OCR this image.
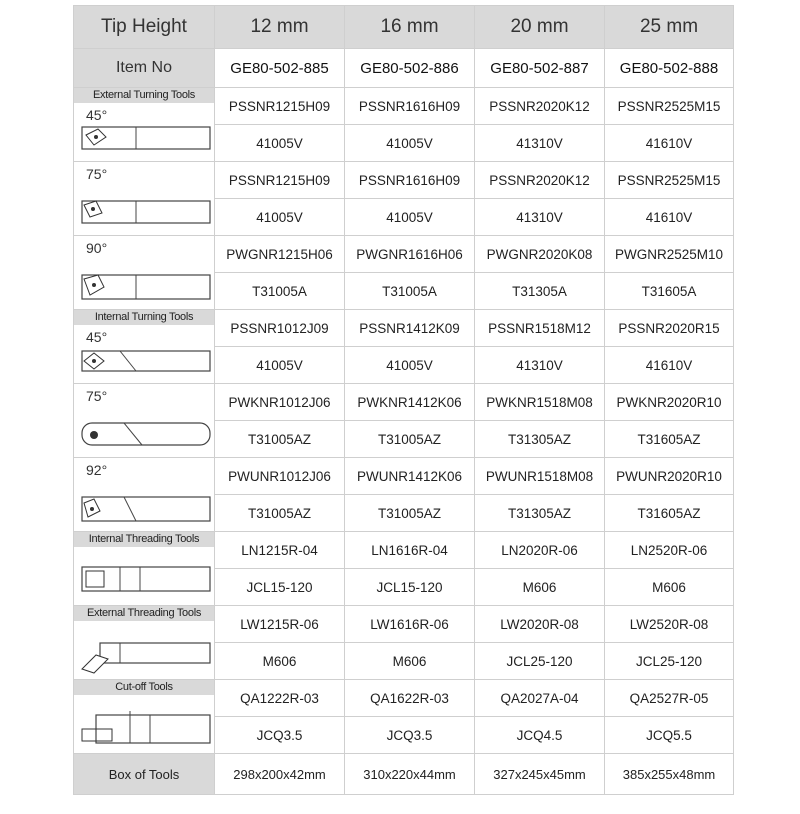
Tip Height	12 mm	16 mm	20 mm	25 mm
Item No	GE80-502-885	GE80-502-886	GE80-502-887	GE80-502-888

External Turning Tools
45°	PSSNR1215H09	PSSNR1616H09	PSSNR2020K12	PSSNR2525M15
	41005V	41005V	41310V	41610V

75°	PSSNR1215H09	PSSNR1616H09	PSSNR2020K12	PSSNR2525M15
	41005V	41005V	41310V	41610V

90°	PWGNR1215H06	PWGNR1616H06	PWGNR2020K08	PWGNR2525M10
	T31005A	T31005A	T31305A	T31605A

Internal Turning Tools
45°	PSSNR1012J09	PSSNR1412K09	PSSNR1518M12	PSSNR2020R15
	41005V	41005V	41310V	41610V

75°	PWKNR1012J06	PWKNR1412K06	PWKNR1518M08	PWKNR2020R10
	T31005AZ	T31005AZ	T31305AZ	T31605AZ

92°	PWUNR1012J06	PWUNR1412K06	PWUNR1518M08	PWUNR2020R10
	T31005AZ	T31005AZ	T31305AZ	T31605AZ

Internal Threading Tools	LN1215R-04	LN1616R-04	LN2020R-06	LN2520R-06
	JCL15-120	JCL15-120	M606	M606

External Threading Tools	LW1215R-06	LW1616R-06	LW2020R-08	LW2520R-08
	M606	M606	JCL25-120	JCL25-120

Cut-off Tools	QA1222R-03	QA1622R-03	QA2027A-04	QA2527R-05
	JCQ3.5	JCQ3.5	JCQ4.5	JCQ5.5
Box of Tools	298x200x42mm	310x220x44mm	327x245x45mm	385x255x48mm
